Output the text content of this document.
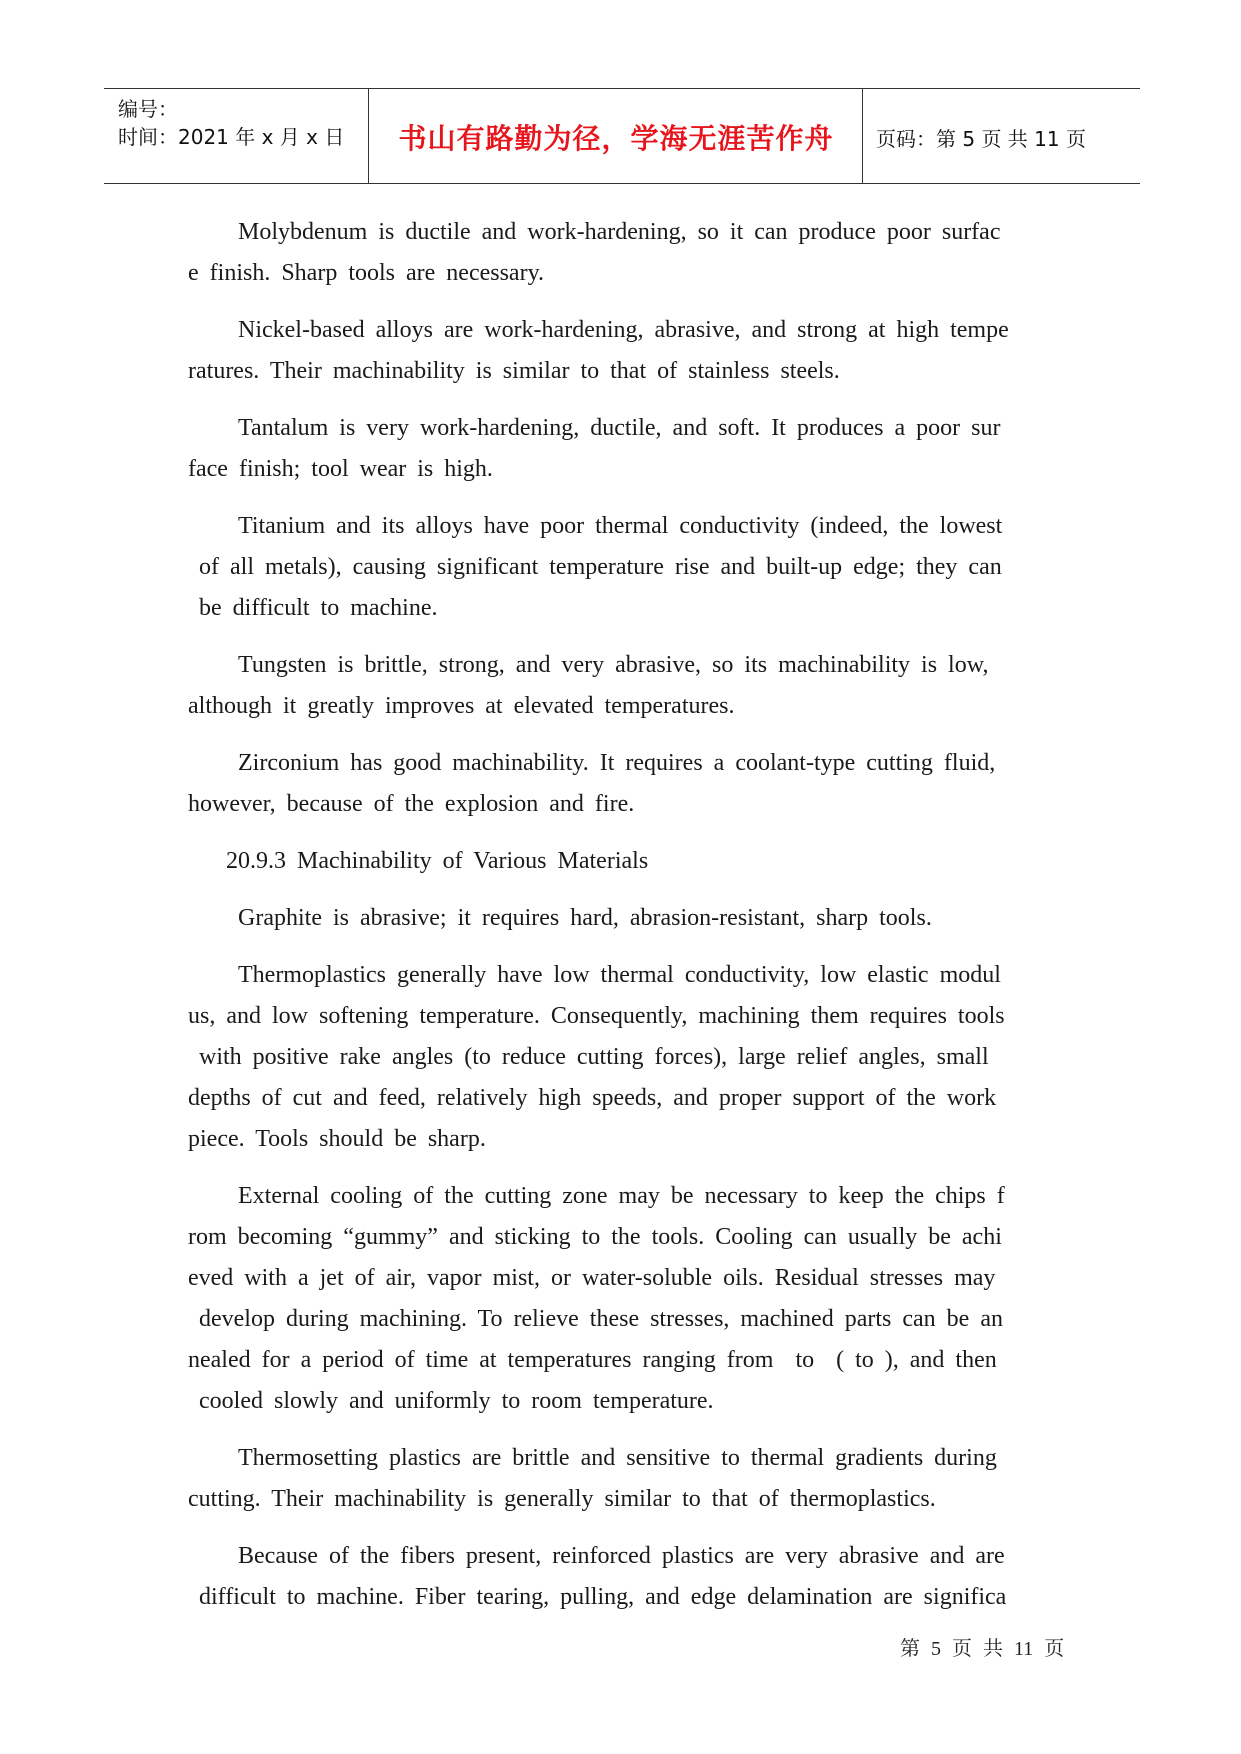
编号：
时间：2021 年 x 月 x 日	书山有路勤为径，学海无涯苦作舟	页码：第 5 页 共 11 页
Molybdenum is ductile and work-hardening, so it can produce poor surfac
e finish. Sharp tools are necessary.
Nickel-based alloys are work-hardening, abrasive, and strong at high tempe
ratures. Their machinability is similar to that of stainless steels.
Tantalum is very work-hardening, ductile, and soft. It produces a poor sur
face finish; tool wear is high.
Titanium and its alloys have poor thermal conductivity (indeed, the lowest
of all metals), causing significant temperature rise and built-up edge; they can
be difficult to machine.
Tungsten is brittle, strong, and very abrasive, so its machinability is low,
although it greatly improves at elevated temperatures.
Zirconium has good machinability. It requires a coolant-type cutting fluid,
however, because of the explosion and fire.
20.9.3 Machinability of Various Materials
Graphite is abrasive; it requires hard, abrasion-resistant, sharp tools.
Thermoplastics generally have low thermal conductivity, low elastic modul
us, and low softening temperature. Consequently, machining them requires tools
with positive rake angles (to reduce cutting forces), large relief angles, small
depths of cut and feed, relatively high speeds, and proper support of the work
piece. Tools should be sharp.
External cooling of the cutting zone may be necessary to keep the chips f
rom becoming “gummy” and sticking to the tools. Cooling can usually be achi
eved with a jet of air, vapor mist, or water-soluble oils. Residual stresses may
develop during machining. To relieve these stresses, machined parts can be an
nealed for a period of time at temperatures ranging from  to  ( to ), and then
cooled slowly and uniformly to room temperature.
Thermosetting plastics are brittle and sensitive to thermal gradients during
cutting. Their machinability is generally similar to that of thermoplastics.
Because of the fibers present, reinforced plastics are very abrasive and are
difficult to machine. Fiber tearing, pulling, and edge delamination are significa
第 5 页 共 11 页
